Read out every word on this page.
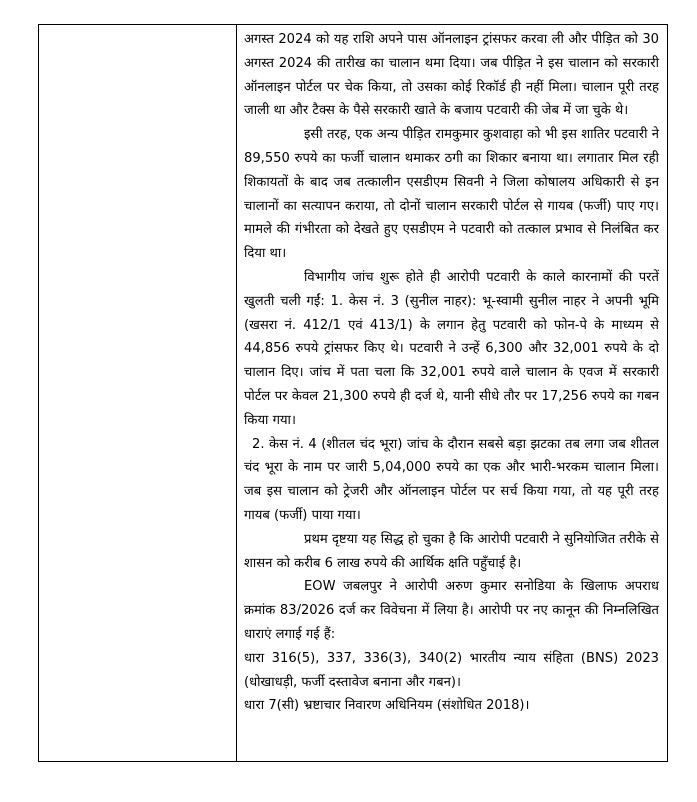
अगस्त 2024 को यह राशि अपने पास ऑनलाइन ट्रांसफर करवा ली और पीड़ित को 30 अगस्त 2024 की तारीख का चालान थमा दिया। जब पीड़ित ने इस चालान को सरकारी ऑनलाइन पोर्टल पर चेक किया, तो उसका कोई रिकॉर्ड ही नहीं मिला। चालान पूरी तरह जाली था और टैक्स के पैसे सरकारी खाते के बजाय पटवारी की जेब में जा चुके थे।

इसी तरह, एक अन्य पीड़ित रामकुमार कुशवाहा को भी इस शातिर पटवारी ने 89,550 रुपये का फर्जी चालान थमाकर ठगी का शिकार बनाया था। लगातार मिल रही शिकायतों के बाद जब तत्कालीन एसडीएम सिवनी ने जिला कोषालय अधिकारी से इन चालानों का सत्यापन कराया, तो दोनों चालान सरकारी पोर्टल से गायब (फर्जी) पाए गए। मामले की गंभीरता को देखते हुए एसडीएम ने पटवारी को तत्काल प्रभाव से निलंबित कर दिया था।

विभागीय जांच शुरू होते ही आरोपी पटवारी के काले कारनामों की परतें खुलती चली गईं: 1. केस नं. 3 (सुनील नाहर): भू-स्वामी सुनील नाहर ने अपनी भूमि (खसरा नं. 412/1 एवं 413/1) के लगान हेतु पटवारी को फोन-पे के माध्यम से 44,856 रुपये ट्रांसफर किए थे। पटवारी ने उन्हें 6,300 और 32,001 रुपये के दो चालान दिए। जांच में पता चला कि 32,001 रुपये वाले चालान के एवज में सरकारी पोर्टल पर केवल 21,300 रुपये ही दर्ज थे, यानी सीधे तौर पर 17,256 रुपये का गबन किया गया।

2. केस नं. 4 (शीतल चंद भूरा) जांच के दौरान सबसे बड़ा झटका तब लगा जब शीतल चंद भूरा के नाम पर जारी 5,04,000 रुपये का एक और भारी-भरकम चालान मिला। जब इस चालान को ट्रेजरी और ऑनलाइन पोर्टल पर सर्च किया गया, तो यह पूरी तरह गायब (फर्जी) पाया गया।

प्रथम दृष्टया यह सिद्ध हो चुका है कि आरोपी पटवारी ने सुनियोजित तरीके से शासन को करीब 6 लाख रुपये की आर्थिक क्षति पहुँचाई है।

EOW जबलपुर ने आरोपी अरुण कुमार सनोडिया के खिलाफ अपराध क्रमांक 83/2026 दर्ज कर विवेचना में लिया है। आरोपी पर नए कानून की निम्नलिखित धाराएं लगाई गई हैं:

धारा 316(5), 337, 336(3), 340(2) भारतीय न्याय संहिता (BNS) 2023 (धोखाधड़ी, फर्जी दस्तावेज बनाना और गबन)।

धारा 7(सी) भ्रष्टाचार निवारण अधिनियम (संशोधित 2018)।
